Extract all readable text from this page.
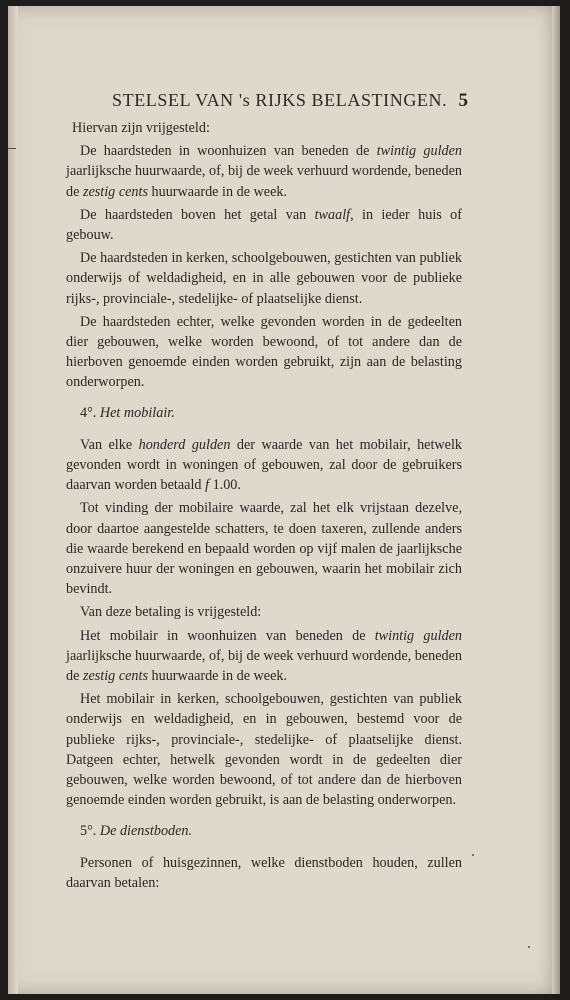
STELSEL VAN 's RIJKS BELASTINGEN. 5

Hiervan zijn vrijgesteld:

De haardsteden in woonhuizen van beneden de twintig gulden jaarlijksche huurwaarde, of, bij de week verhuurd wordende, beneden de zestig cents huurwaarde in de week.

De haardsteden boven het getal van twaalf, in ieder huis of gebouw.

De haardsteden in kerken, schoolgebouwen, gestichten van publiek onderwijs of weldadigheid, en in alle gebouwen voor de publieke rijks-, provinciale-, stedelijke- of plaatselijke dienst.

De haardsteden echter, welke gevonden worden in de gedeelten dier gebouwen, welke worden bewoond, of tot andere dan de hierboven genoemde einden worden gebruikt, zijn aan de belasting onderworpen.

4°. Het mobilair.

Van elke honderd gulden der waarde van het mobilair, hetwelk gevonden wordt in woningen of gebouwen, zal door de gebruikers daarvan worden betaald f 1.00.

Tot vinding der mobilaire waarde, zal het elk vrijstaan dezelve, door daartoe aangestelde schatters, te doen taxeren, zullende anders die waarde berekend en bepaald worden op vijf malen de jaarlijksche onzuivere huur der woningen en gebouwen, waarin het mobilair zich bevindt.

Van deze betaling is vrijgesteld:

Het mobilair in woonhuizen van beneden de twintig gulden jaarlijksche huurwaarde, of, bij de week verhuurd wordende, beneden de zestig cents huurwaarde in de week.

Het mobilair in kerken, schoolgebouwen, gestichten van publiek onderwijs en weldadigheid, en in gebouwen, bestemd voor de publieke rijks-, provinciale-, stedelijke- of plaatselijke dienst. Datgeen echter, hetwelk gevonden wordt in de gedeelten dier gebouwen, welke worden bewoond, of tot andere dan de hierboven genoemde einden worden gebruikt, is aan de belasting onderworpen.

5°. De dienstboden.

Personen of huisgezinnen, welke dienstboden houden, zullen daarvan betalen:
